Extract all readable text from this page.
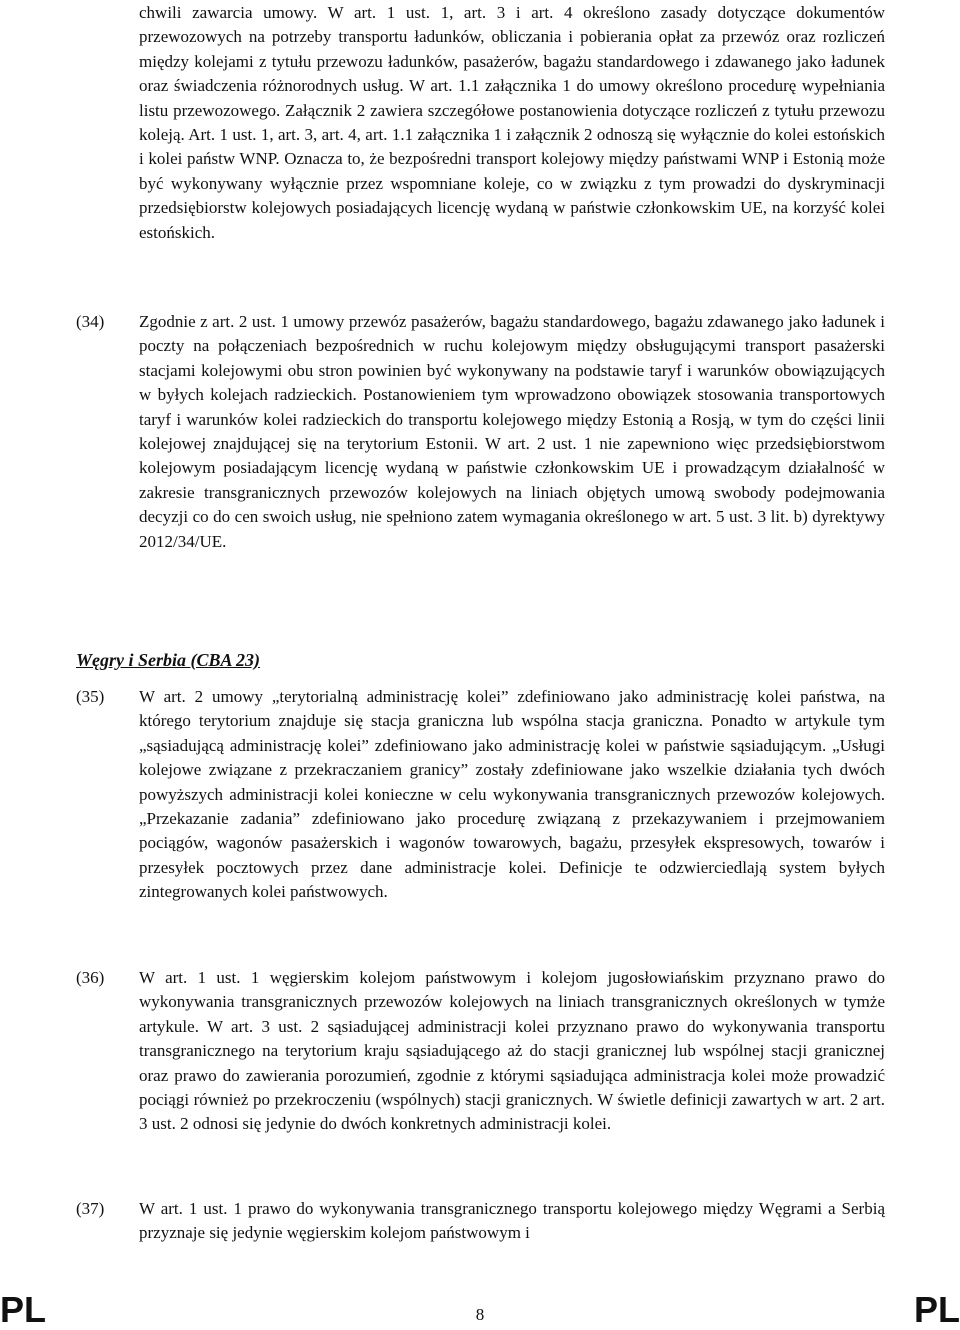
chwili zawarcia umowy. W art. 1 ust. 1, art. 3 i art. 4 określono zasady dotyczące dokumentów przewozowych na potrzeby transportu ładunków, obliczania i pobierania opłat za przewóz oraz rozliczeń między kolejami z tytułu przewozu ładunków, pasażerów, bagażu standardowego i zdawanego jako ładunek oraz świadczenia różnorodnych usług. W art. 1.1 załącznika 1 do umowy określono procedurę wypełniania listu przewozowego. Załącznik 2 zawiera szczegółowe postanowienia dotyczące rozliczeń z tytułu przewozu koleją. Art. 1 ust. 1, art. 3, art. 4, art. 1.1 załącznika 1 i załącznik 2 odnoszą się wyłącznie do kolei estońskich i kolei państw WNP. Oznacza to, że bezpośredni transport kolejowy między państwami WNP i Estonią może być wykonywany wyłącznie przez wspomniane koleje, co w związku z tym prowadzi do dyskryminacji przedsiębiorstw kolejowych posiadających licencję wydaną w państwie członkowskim UE, na korzyść kolei estońskich.
(34) Zgodnie z art. 2 ust. 1 umowy przewóz pasażerów, bagażu standardowego, bagażu zdawanego jako ładunek i poczty na połączeniach bezpośrednich w ruchu kolejowym między obsługującymi transport pasażerski stacjami kolejowymi obu stron powinien być wykonywany na podstawie taryf i warunków obowiązujących w byłych kolejach radzieckich. Postanowieniem tym wprowadzono obowiązek stosowania transportowych taryf i warunków kolei radzieckich do transportu kolejowego między Estonią a Rosją, w tym do części linii kolejowej znajdującej się na terytorium Estonii. W art. 2 ust. 1 nie zapewniono więc przedsiębiorstwom kolejowym posiadającym licencję wydaną w państwie członkowskim UE i prowadzącym działalność w zakresie transgranicznych przewozów kolejowych na liniach objętych umową swobody podejmowania decyzji co do cen swoich usług, nie spełniono zatem wymagania określonego w art. 5 ust. 3 lit. b) dyrektywy 2012/34/UE.
Węgry i Serbia (CBA 23)
(35) W art. 2 umowy „terytorialną administrację kolei” zdefiniowano jako administrację kolei państwa, na którego terytorium znajduje się stacja graniczna lub wspólna stacja graniczna. Ponadto w artykule tym „sąsiadującą administrację kolei” zdefiniowano jako administrację kolei w państwie sąsiadującym. „Usługi kolejowe związane z przekraczaniem granicy” zostały zdefiniowane jako wszelkie działania tych dwóch powyższych administracji kolei konieczne w celu wykonywania transgranicznych przewozów kolejowych. „Przekazanie zadania” zdefiniowano jako procedurę związaną z przekazywaniem i przejmowaniem pociągów, wagonów pasażerskich i wagonów towarowych, bagażu, przesyłek ekspresowych, towarów i przesyłek pocztowych przez dane administracje kolei. Definicje te odzwierciedlają system byłych zintegrowanych kolei państwowych.
(36) W art. 1 ust. 1 węgierskim kolejom państwowym i kolejom jugosłowiańskim przyznano prawo do wykonywania transgranicznych przewozów kolejowych na liniach transgranicznych określonych w tymże artykule. W art. 3 ust. 2 sąsiadującej administracji kolei przyznano prawo do wykonywania transportu transgranicznego na terytorium kraju sąsiadującego aż do stacji granicznej lub wspólnej stacji granicznej oraz prawo do zawierania porozumień, zgodnie z którymi sąsiadująca administracja kolei może prowadzić pociągi również po przekroczeniu (wspólnych) stacji granicznych. W świetle definicji zawartych w art. 2 art. 3 ust. 2 odnosi się jedynie do dwóch konkretnych administracji kolei.
(37) W art. 1 ust. 1 prawo do wykonywania transgranicznego transportu kolejowego między Węgrami a Serbią przyznaje się jedynie węgierskim kolejom państwowym i
PL	8	PL
